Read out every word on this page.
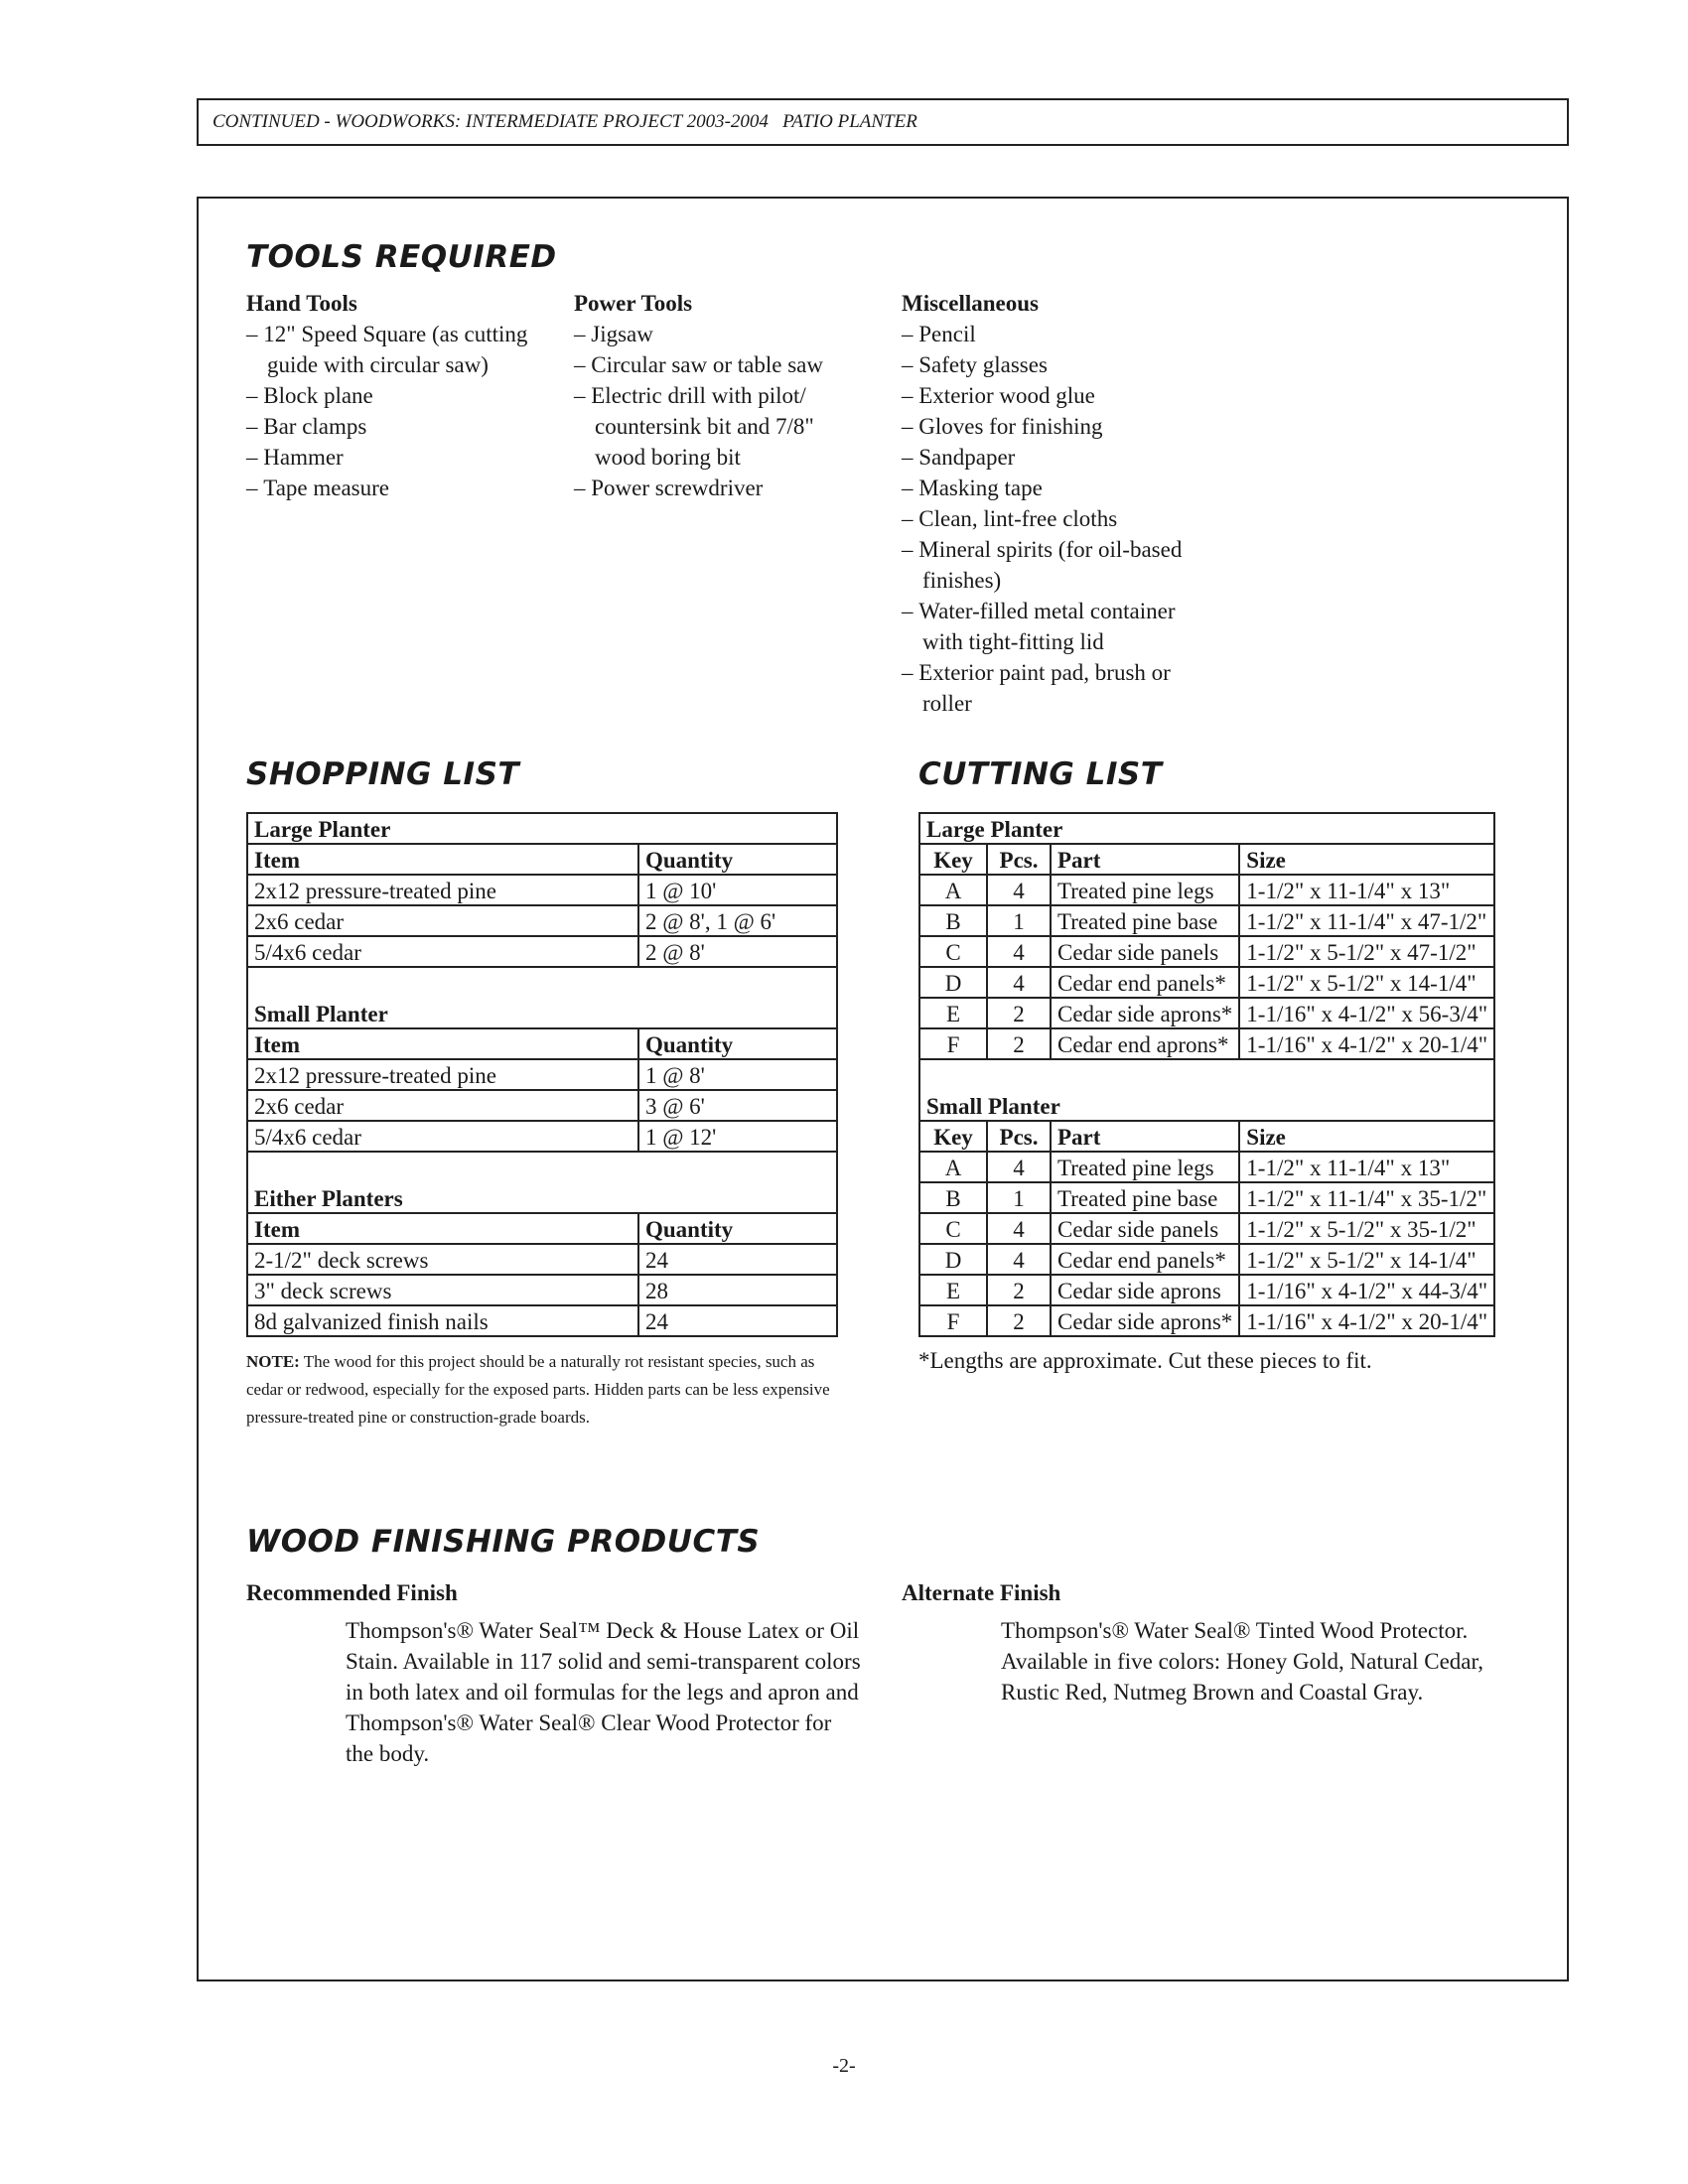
CONTINUED - WOODWORKS: INTERMEDIATE PROJECT 2003-2004   PATIO PLANTER
TOOLS REQUIRED
Hand Tools
– 12" Speed Square (as cutting guide with circular saw)
– Block plane
– Bar clamps
– Hammer
– Tape measure
Power Tools
– Jigsaw
– Circular saw or table saw
– Electric drill with pilot/ countersink bit and 7/8" wood boring bit
– Power screwdriver
Miscellaneous
– Pencil
– Safety glasses
– Exterior wood glue
– Gloves for finishing
– Sandpaper
– Masking tape
– Clean, lint-free cloths
– Mineral spirits (for oil-based finishes)
– Water-filled metal container with tight-fitting lid
– Exterior paint pad, brush or roller
SHOPPING LIST
Large Planter	
Item	Quantity
2x12 pressure-treated pine	1 @ 10'
2x6 cedar	2 @ 8', 1 @ 6'
5/4x6 cedar	2 @ 8'
Small Planter	
Item	Quantity
2x12 pressure-treated pine	1 @ 8'
2x6 cedar	3 @ 6'
5/4x6 cedar	1 @ 12'
Either Planters	
Item	Quantity
2-1/2" deck screws	24
3" deck screws	28
8d galvanized finish nails	24
NOTE: The wood for this project should be a naturally rot resistant species, such as cedar or redwood, especially for the exposed parts. Hidden parts can be less expensive pressure-treated pine or construction-grade boards.
CUTTING LIST
Large Planter			
Key	Pcs.	Part	Size
A	4	Treated pine legs	1-1/2" x 11-1/4" x 13"
B	1	Treated pine base	1-1/2" x 11-1/4" x 47-1/2"
C	4	Cedar side panels	1-1/2" x 5-1/2" x 47-1/2"
D	4	Cedar end panels*	1-1/2" x 5-1/2" x 14-1/4"
E	2	Cedar side aprons*	1-1/16" x 4-1/2" x 56-3/4"
F	2	Cedar end aprons*	1-1/16" x 4-1/2" x 20-1/4"
Small Planter			
Key	Pcs.	Part	Size
A	4	Treated pine legs	1-1/2" x 11-1/4" x 13"
B	1	Treated pine base	1-1/2" x 11-1/4" x 35-1/2"
C	4	Cedar side panels	1-1/2" x 5-1/2" x 35-1/2"
D	4	Cedar end panels*	1-1/2" x 5-1/2" x 14-1/4"
E	2	Cedar side aprons	1-1/16" x 4-1/2" x 44-3/4"
F	2	Cedar side aprons*	1-1/16" x 4-1/2" x 20-1/4"
*Lengths are approximate. Cut these pieces to fit.
WOOD FINISHING PRODUCTS
Recommended Finish
Thompson's® Water Seal™ Deck & House Latex or Oil Stain. Available in 117 solid and semi-transparent colors in both latex and oil formulas for the legs and apron and Thompson's® Water Seal® Clear Wood Protector for the body.
Alternate Finish
Thompson's® Water Seal® Tinted Wood Protector. Available in five colors: Honey Gold, Natural Cedar, Rustic Red, Nutmeg Brown and Coastal Gray.
-2-
